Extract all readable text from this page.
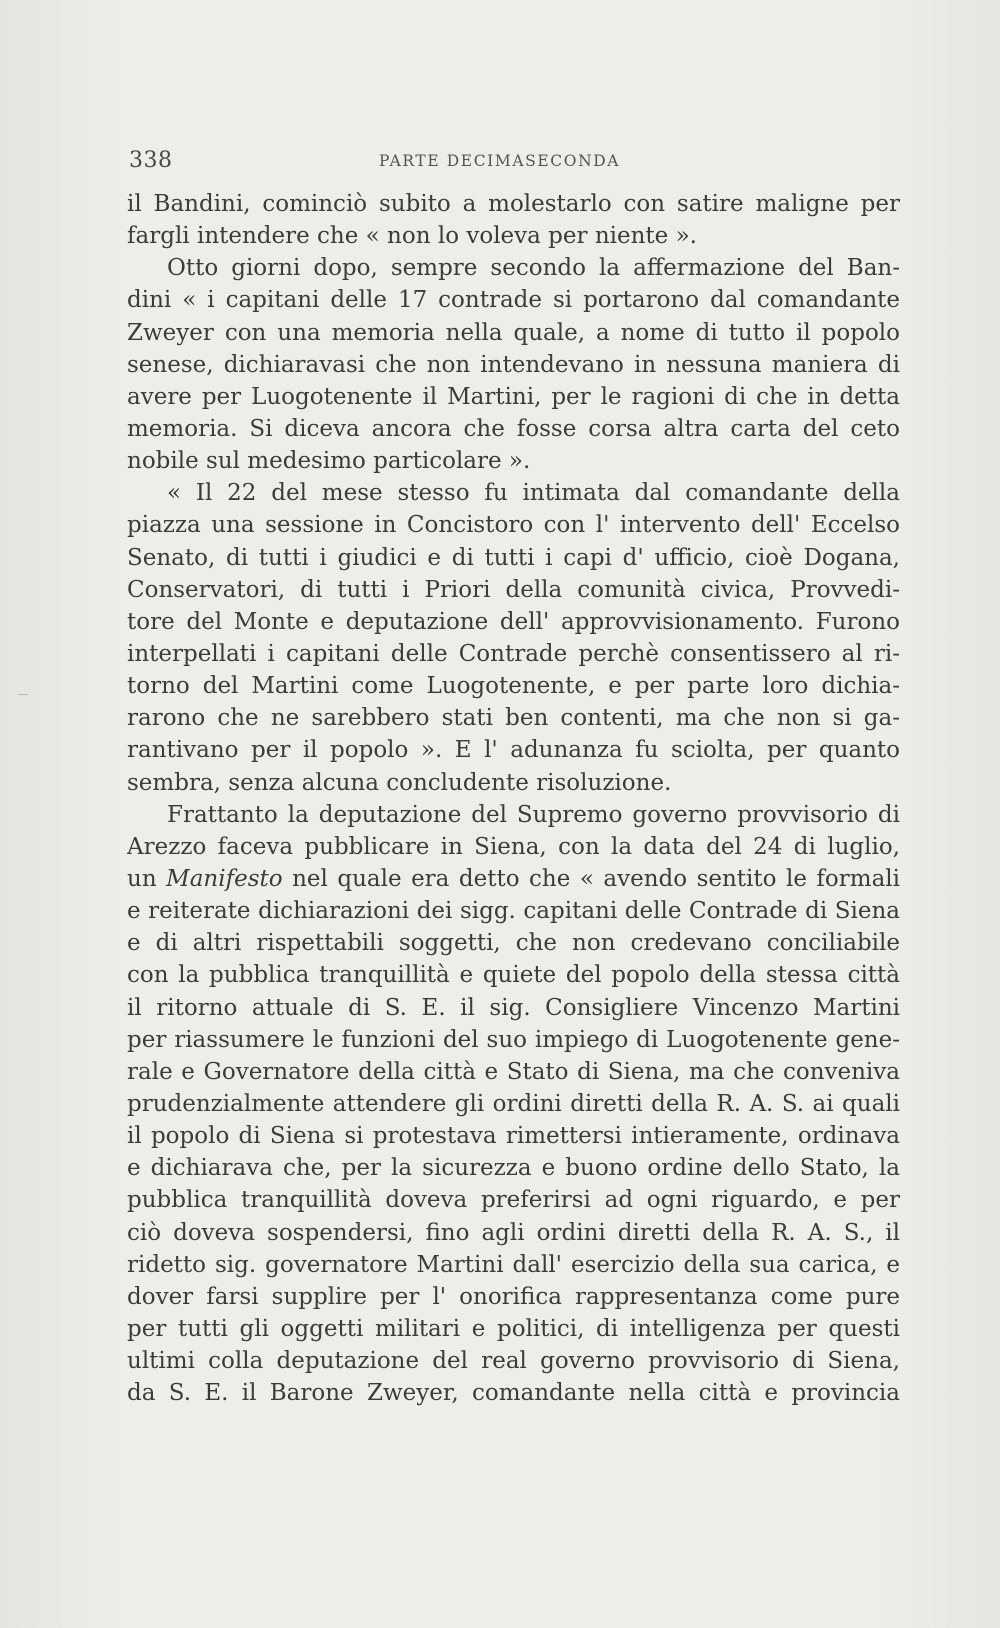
338	PARTE DECIMASECONDA
il Bandini, cominciò subito a molestarlo con satire maligne per
fargli intendere che « non lo voleva per niente ».
Otto giorni dopo, sempre secondo la affermazione del Ban-
dini « i capitani delle 17 contrade si portarono dal comandante
Zweyer con una memoria nella quale, a nome di tutto il popolo
senese, dichiaravasi che non intendevano in nessuna maniera di
avere per Luogotenente il Martini, per le ragioni di che in detta
memoria. Si diceva ancora che fosse corsa altra carta del ceto
nobile sul medesimo particolare ».
« Il 22 del mese stesso fu intimata dal comandante della
piazza una sessione in Concistoro con l' intervento dell' Eccelso
Senato, di tutti i giudici e di tutti i capi d' ufficio, cioè Dogana,
Conservatori, di tutti i Priori della comunità civica, Provvedi-
tore del Monte e deputazione dell' approvvisionamento. Furono
interpellati i capitani delle Contrade perchè consentissero al ri-
torno del Martini come Luogotenente, e per parte loro dichia-
rarono che ne sarebbero stati ben contenti, ma che non si ga-
rantivano per il popolo ». E l' adunanza fu sciolta, per quanto
sembra, senza alcuna concludente risoluzione.
Frattanto la deputazione del Supremo governo provvisorio di
Arezzo faceva pubblicare in Siena, con la data del 24 di luglio,
un Manifesto nel quale era detto che « avendo sentito le formali
e reiterate dichiarazioni dei sigg. capitani delle Contrade di Siena
e di altri rispettabili soggetti, che non credevano conciliabile
con la pubblica tranquillità e quiete del popolo della stessa città
il ritorno attuale di S. E. il sig. Consigliere Vincenzo Martini
per riassumere le funzioni del suo impiego di Luogotenente gene-
rale e Governatore della città e Stato di Siena, ma che conveniva
prudenzialmente attendere gli ordini diretti della R. A. S. ai quali
il popolo di Siena si protestava rimettersi intieramente, ordinava
e dichiarava che, per la sicurezza e buono ordine dello Stato, la
pubblica tranquillità doveva preferirsi ad ogni riguardo, e per
ciò doveva sospendersi, fino agli ordini diretti della R. A. S., il
ridetto sig. governatore Martini dall' esercizio della sua carica, e
dover farsi supplire per l' onorifica rappresentanza come pure
per tutti gli oggetti militari e politici, di intelligenza per questi
ultimi colla deputazione del real governo provvisorio di Siena,
da S. E. il Barone Zweyer, comandante nella città e provincia
